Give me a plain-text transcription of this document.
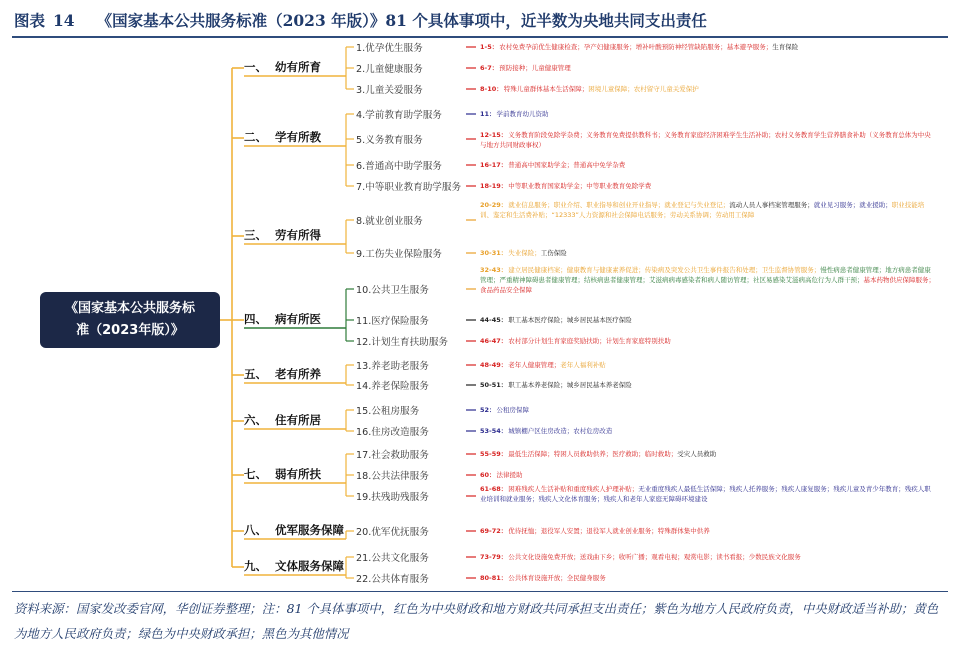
图表 14 《国家基本公共服务标准（2023 年版）》81 个具体事项中，近半数为央地共同支出责任
《国家基本公共服务标
准（2023年版）》
一、 幼有所育
二、 学有所教
三、 劳有所得
四、 病有所医
五、 老有所养
六、 住有所居
七、 弱有所扶
八、 优军服务保障
九、 文体服务保障
1.优孕优生服务
2.儿童健康服务
3.儿童关爱服务
4.学前教育助学服务
5.义务教育服务
6.普通高中助学服务
7.中等职业教育助学服务
8.就业创业服务
9.工伤失业保险服务
10.公共卫生服务
11.医疗保险服务
12.计划生育扶助服务
13.养老助老服务
14.养老保险服务
15.公租房服务
16.住房改造服务
17.社会救助服务
18.公共法律服务
19.扶残助残服务
20.优军优抚服务
21.公共文化服务
22.公共体育服务
1-5：农村免费孕前优生健康检查；孕产妇健康服务；增补叶酸预防神经管缺陷服务；基本避孕服务；生育保险
6-7：预防接种；儿童健康管理
8-10：特殊儿童群体基本生活保障；困境儿童保障；农村留守儿童关爱保护
11：学前教育幼儿资助
12-15：义务教育阶段免除学杂费；义务教育免费提供教科书；义务教育家庭经济困难学生生活补助；农村义务教育学生营养膳食补助（义务教育总体为中央与地方共同财政事权）
16-17：普通高中国家助学金；普通高中免学杂费
18-19：中等职业教育国家助学金；中等职业教育免除学费
20-29：就业信息服务；职业介绍、职业指导和创业开业指导；就业登记与失业登记；流动人员人事档案管理服务；就业见习服务；就业援助；职业技能培训、鉴定和生活费补贴；“12333”人力资源和社会保障电话服务；劳动关系协调；劳动用工保障
30-31：失业保险；工伤保险
32-43：建立居民健康档案；健康教育与健康素养促进；传染病及突发公共卫生事件报告和处理；卫生监督协管服务；慢性病患者健康管理；地方病患者健康管理；严重精神障碍患者健康管理；结核病患者健康管理；艾滋病病毒感染者和病人随访管理；社区易感染艾滋病高危行为人群干预；基本药物供应保障服务；食品药品安全保障
44-45：职工基本医疗保险；城乡居民基本医疗保险
46-47：农村部分计划生育家庭奖励扶助；计划生育家庭特别扶助
48-49：老年人健康管理；老年人福利补贴
50-51：职工基本养老保险；城乡居民基本养老保险
52：公租房保障
53-54：城镇棚户区住房改造；农村危房改造
55-59：最低生活保障；特困人员救助供养；医疗救助；临时救助；受灾人员救助
60：法律援助
61-68：困难残疾人生活补贴和重度残疾人护理补贴；无业重度残疾人最低生活保障；残疾人托养服务；残疾人康复服务；残疾儿童及青少年教育；残疾人职业培训和就业服务；残疾人文化体育服务；残疾人和老年人家庭无障碍环境建设
69-72：优待抚恤；退役军人安置；退役军人就业创业服务；特殊群体集中供养
73-79：公共文化设施免费开放；送戏曲下乡；收听广播；观看电视；观赏电影；读书看报；少数民族文化服务
80-81：公共体育设施开放；全民健身服务
资料来源：国家发改委官网，华创证券整理；注：81 个具体事项中，红色为中央财政和地方财政共同承担支出责任；紫色为地方人民政府负责，中央财政适当补助；黄色为地方人民政府负责；绿色为中央财政承担；黑色为其他情况
